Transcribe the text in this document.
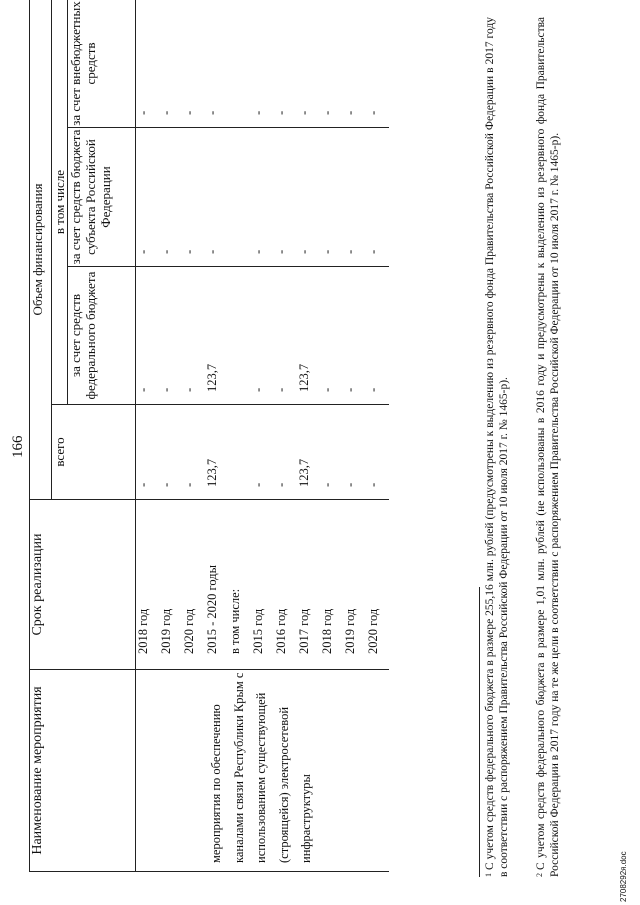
166
Наименование мероприятия	Срок реализации	Объем финансирования			
		всего	в том числе		
			за счет средств федерального бюджета	за счет средств бюджета субъекта Российской Федерации	за счет внебюджетных средств
	2018 год	-	-	-	-
	2019 год	-	-	-	-
	2020 год	-	-	-	-
мероприятия по обеспечению каналами связи Республики Крым с использованием существующей (строящейся) электросетевой инфраструктуры	2015 - 2020 годы	123,7	123,7	-	-
	в том числе:				
	2015 год	-	-	-	-
	2016 год	-	-	-	-
	2017 год	123,7	123,7	-	-
	2018 год	-	-	-	-
	2019 год	-	-	-	-
	2020 год	-	-	-	-
$^1$С учетом средств федерального бюджета в размере 255,16 млн. рублей (предусмотрены к выделению из резервного фонда Правительства Российской Федерации в 2017 году в соответствии с распоряжением Правительства Российской Федерации от 10 июля 2017 г. № 1465-р).	$^2$С учетом средств федерального бюджета в размере 1,01 млн. рублей (не использованы в 2016 году и предусмотрены к выделению из резервного фонда Правительства Российской Федерации в 2017 году на те же цели в соответствии с распоряжением Правительства Российской Федерации от 10 июля 2017 г. № 1465-р).	2708292я.doc
